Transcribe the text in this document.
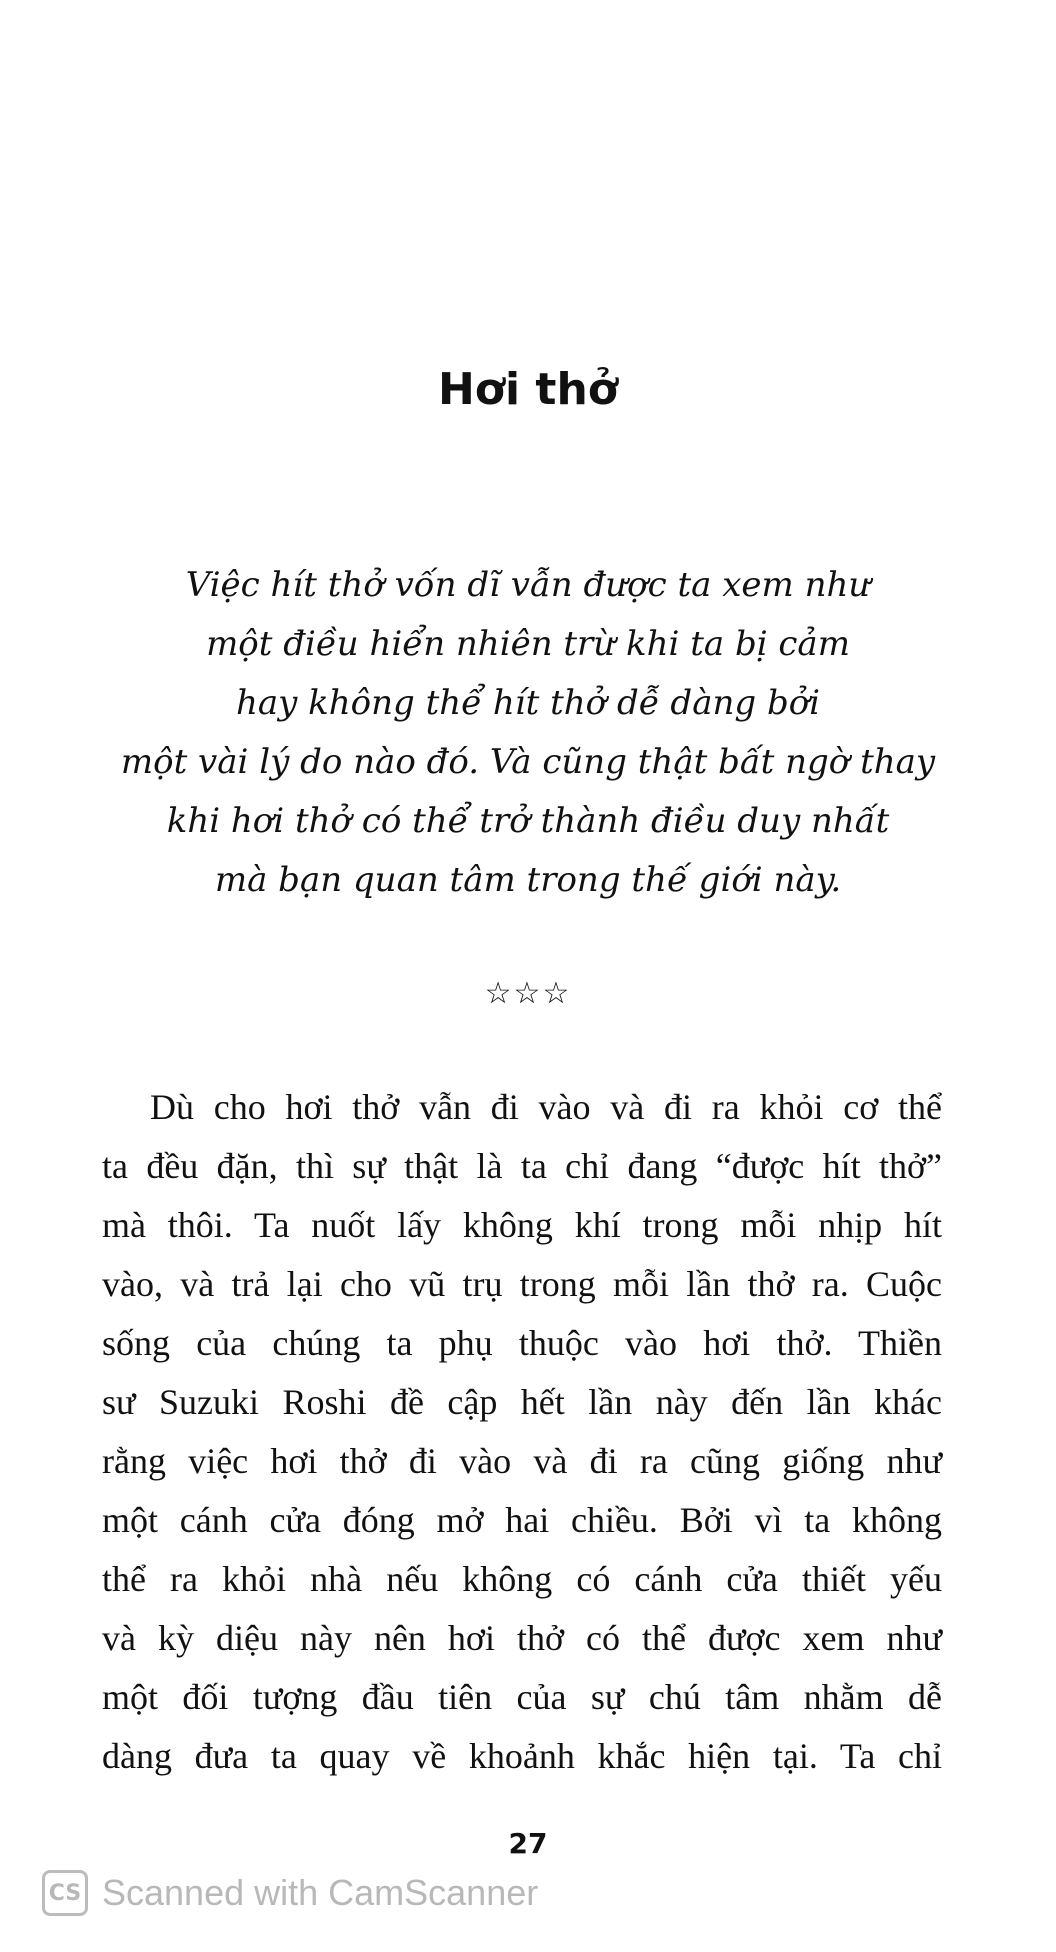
Hơi thở
Việc hít thở vốn dĩ vẫn được ta xem như
một điều hiển nhiên trừ khi ta bị cảm
hay không thể hít thở dễ dàng bởi
một vài lý do nào đó. Và cũng thật bất ngờ thay
khi hơi thở có thể trở thành điều duy nhất
mà bạn quan tâm trong thế giới này.
☆☆☆
Dù cho hơi thở vẫn đi vào và đi ra khỏi cơ thể
ta đều đặn, thì sự thật là ta chỉ đang “được hít thở”
mà thôi. Ta nuốt lấy không khí trong mỗi nhịp hít
vào, và trả lại cho vũ trụ trong mỗi lần thở ra. Cuộc
sống của chúng ta phụ thuộc vào hơi thở. Thiền
sư Suzuki Roshi đề cập hết lần này đến lần khác
rằng việc hơi thở đi vào và đi ra cũng giống như
một cánh cửa đóng mở hai chiều. Bởi vì ta không
thể ra khỏi nhà nếu không có cánh cửa thiết yếu
và kỳ diệu này nên hơi thở có thể được xem như
một đối tượng đầu tiên của sự chú tâm nhằm dễ
dàng đưa ta quay về khoảnh khắc hiện tại. Ta chỉ
27
CS Scanned with CamScanner
